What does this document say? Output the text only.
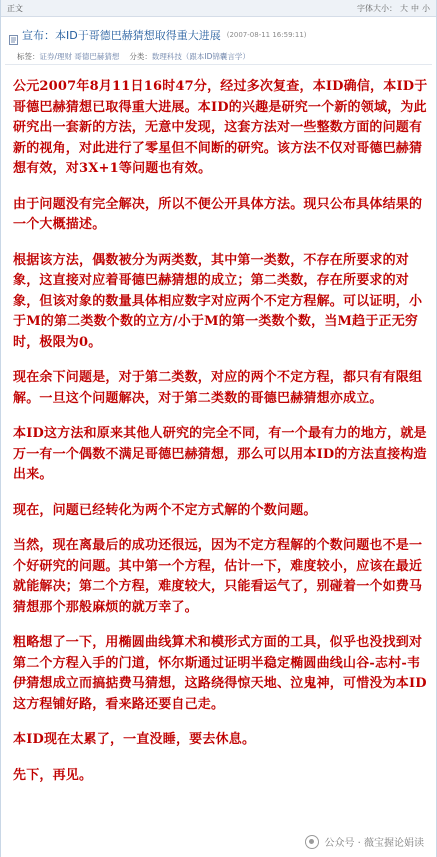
正文	字体大小： 大 中 小
宣布：本ID于哥德巴赫猜想取得重大进展 (2007-08-11 16:59:11)
标签：证券/理财 哥德巴赫猜想 分类：数理科技（跟本ID锦囊言学）

公元2007年8月11日16时47分，经过多次复查，本ID确信，本ID于哥德巴赫猜想已取得重大进展。本ID的兴趣是研究一个新的领域，为此研究出一套新的方法，无意中发现，这套方法对一些整数方面的问题有新的视角，对此进行了零星但不间断的研究。该方法不仅对哥德巴赫猜想有效，对3X+1等问题也有效。

由于问题没有完全解决，所以不便公开具体方法。现只公布具体结果的一个大概描述。

根据该方法，偶数被分为两类数，其中第一类数，不存在所要求的对象，这直接对应着哥德巴赫猜想的成立；第二类数，存在所要求的对象，但该对象的数量具体相应数字对应两个不定方程解。可以证明，小于M的第二类数个数的立方/小于M的第一类数个数，当M趋于正无穷时，极限为0。

现在余下问题是，对于第二类数，对应的两个不定方程，都只有有限组解。一旦这个问题解决，对于第二类数的哥德巴赫猜想亦成立。

本ID这方法和原来其他人研究的完全不同，有一个最有力的地方，就是万一有一个偶数不满足哥德巴赫猜想，那么可以用本ID的方法直接构造出来。

现在，问题已经转化为两个不定方式解的个数问题。

当然，现在离最后的成功还很远，因为不定方程解的个数问题也不是一个好研究的问题。其中第一个方程，估计一下，难度较小，应该在最近就能解决；第二个方程，难度较大，只能看运气了，别碰着一个如费马猜想那个那般麻烦的就万幸了。

粗略想了一下，用椭圆曲线算术和模形式方面的工具，似乎也没找到对第二个方程入手的门道，怀尔斯通过证明半稳定椭圆曲线山谷-志村-韦伊猜想成立而搞掂费马猜想，这路绕得惊天地、泣鬼神，可惜没为本ID这方程铺好路，看来路还要自己走。

本ID现在太累了，一直没睡，要去休息。

先下，再见。

公众号 · 薇宝握论娟读
